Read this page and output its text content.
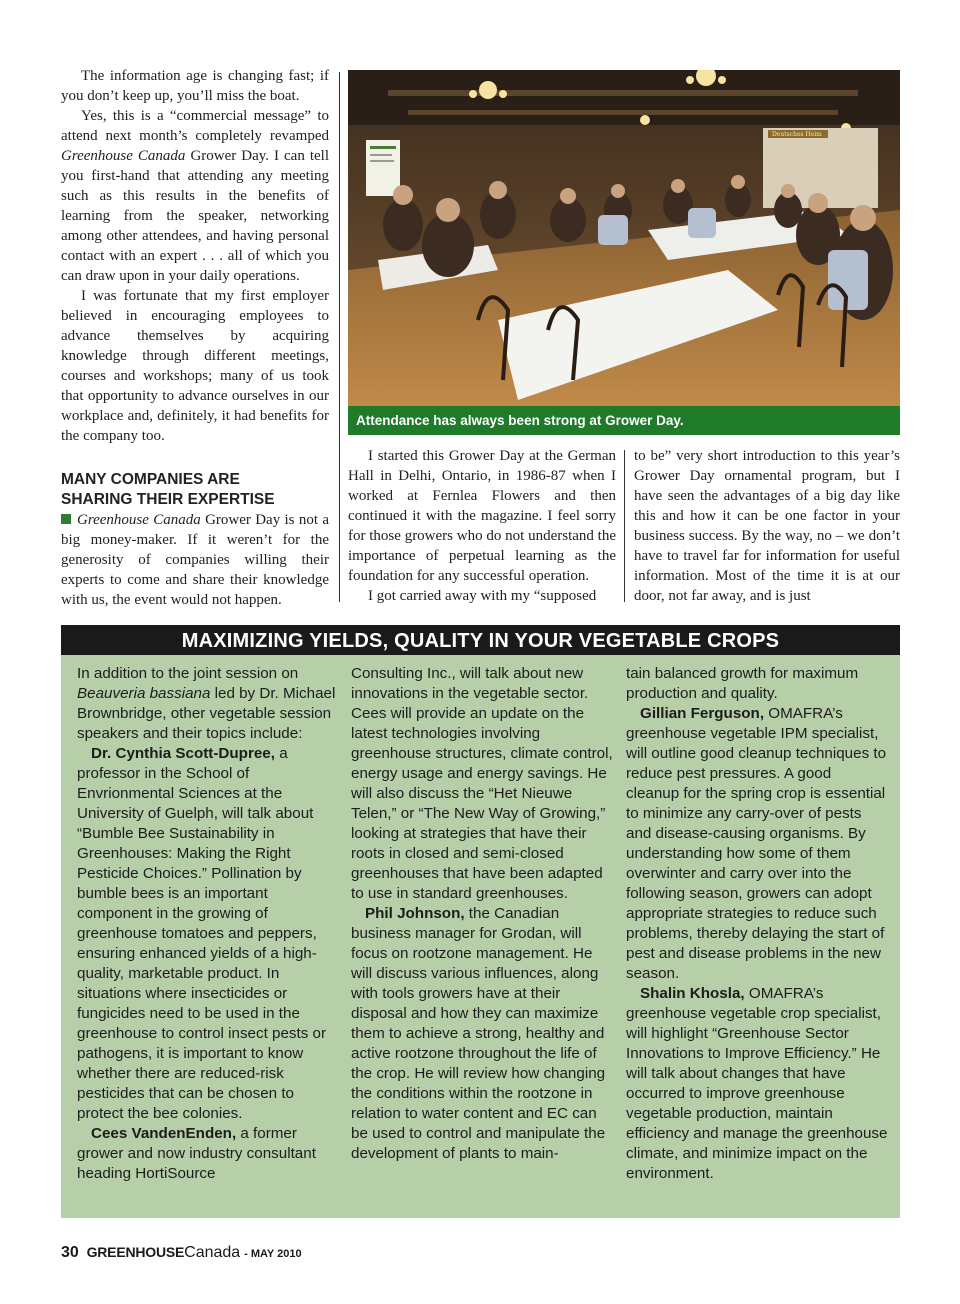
The information age is changing fast; if you don’t keep up, you’ll miss the boat.

Yes, this is a “commercial message” to attend next month’s completely revamped Greenhouse Canada Grower Day. I can tell you first-hand that attending any meeting such as this results in the benefits of learning from the speaker, networking among other attendees, and having personal contact with an expert . . . all of which you can draw upon in your daily operations.

I was fortunate that my first employer believed in encouraging employees to advance themselves by acquiring knowledge through different meetings, courses and workshops; many of us took that opportunity to advance ourselves in our workplace and, definitely, it had benefits for the company too.

MANY COMPANIES ARE
SHARING THEIR EXPERTISE

Greenhouse Canada Grower Day is not a big money-maker. If it weren’t for the generosity of companies willing their experts to come and share their knowledge with us, the event would not happen.

Deutsches Heim
Attendance has always been strong at Grower Day.

I started this Grower Day at the German Hall in Delhi, Ontario, in 1986-87 when I worked at Fernlea Flowers and then continued it with the magazine. I feel sorry for those growers who do not understand the importance of perpetual learning as the foundation for any successful operation.

I got carried away with my “supposed

to be” very short introduction to this year’s Grower Day ornamental program, but I have seen the advantages of a big day like this and how it can be one factor in your business success. By the way, no – we don’t have to travel far for information for useful information. Most of the time it is at our door, not far away, and is just

MAXIMIZING YIELDS, QUALITY IN YOUR VEGETABLE CROPS

In addition to the joint session on Beauveria bassiana led by Dr. Michael Brownbridge, other vegetable session speakers and their topics include:

Dr. Cynthia Scott-Dupree, a professor in the School of Envrionmental Sciences at the University of Guelph, will talk about “Bumble Bee Sustainability in Greenhouses: Making the Right Pesticide Choices.” Pollination by bumble bees is an important component in the growing of greenhouse tomatoes and peppers, ensuring enhanced yields of a high-quality, marketable product. In situations where insecticides or fungicides need to be used in the greenhouse to control insect pests or pathogens, it is important to know whether there are reduced-risk pesticides that can be chosen to protect the bee colonies.

Cees VandenEnden, a former grower and now industry consultant heading HortiSource

Consulting Inc., will talk about new innovations in the vegetable sector. Cees will provide an update on the latest technologies involving greenhouse structures, climate control, energy usage and energy savings. He will also discuss the “Het Nieuwe Telen,” or “The New Way of Growing,” looking at strategies that have their roots in closed and semi-closed greenhouses that have been adapted to use in standard greenhouses.

Phil Johnson, the Canadian business manager for Grodan, will focus on rootzone management. He will discuss various influences, along with tools growers have at their disposal and how they can maximize them to achieve a strong, healthy and active rootzone throughout the life of the crop. He will review how changing the conditions within the rootzone in relation to water content and EC can be used to control and manipulate the development of plants to main-

tain balanced growth for maximum production and quality.

Gillian Ferguson, OMAFRA’s greenhouse vegetable IPM specialist, will outline good cleanup techniques to reduce pest pressures. A good cleanup for the spring crop is essential to minimize any carry-over of pests and disease-causing organisms. By understanding how some of them overwinter and carry over into the following season, growers can adopt appropriate strategies to reduce such problems, thereby delaying the start of pest and disease problems in the new season.

Shalin Khosla, OMAFRA’s greenhouse vegetable crop specialist, will highlight “Greenhouse Sector Innovations to Improve Efficiency.” He will talk about changes that have occurred to improve greenhouse vegetable production, maintain efficiency and manage the greenhouse climate, and minimize impact on the environment.

30 GREENHOUSECanada - MAY 2010
